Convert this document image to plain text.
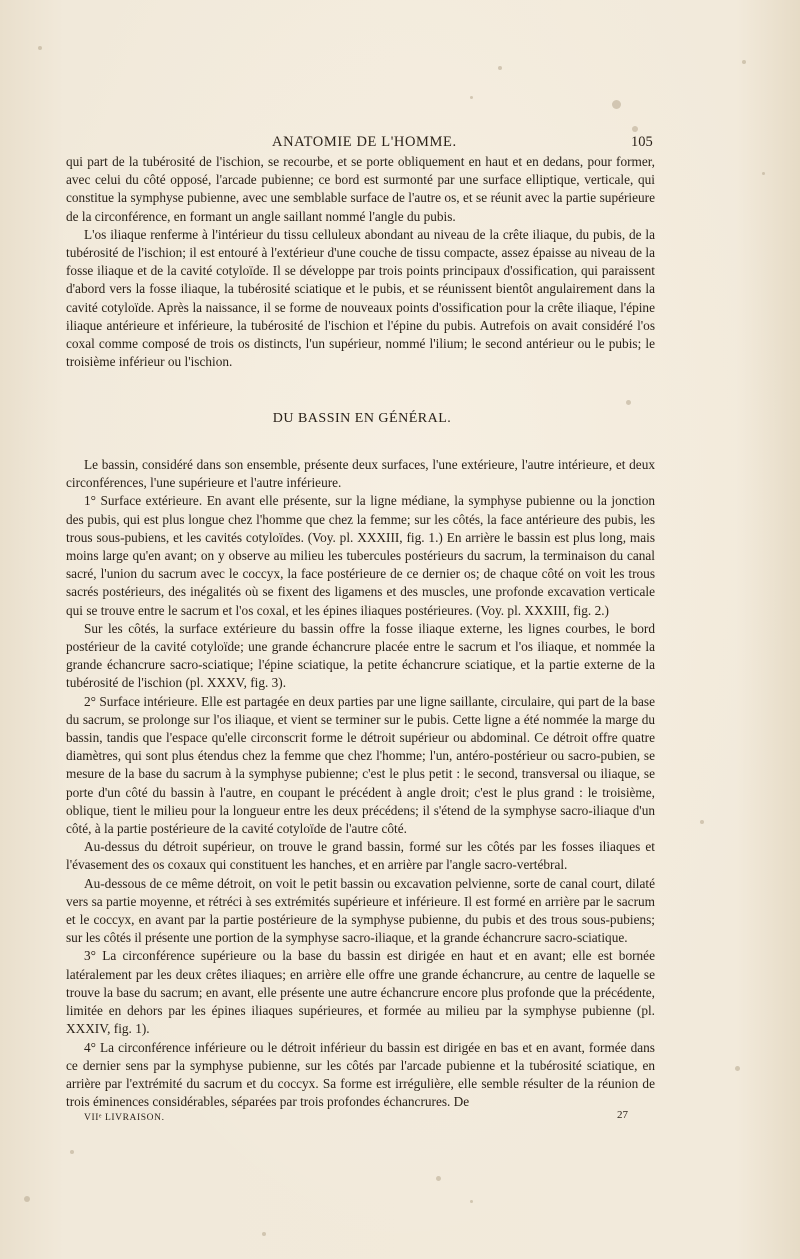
ANATOMIE DE L'HOMME.	105

qui part de la tubérosité de l'ischion, se recourbe, et se porte obliquement en haut et en dedans, pour former, avec celui du côté opposé, l'arcade pubienne; ce bord est surmonté par une surface elliptique, verticale, qui constitue la symphyse pubienne, avec une semblable surface de l'autre os, et se réunit avec la partie supérieure de la circonférence, en formant un angle saillant nommé l'angle du pubis.

L'os iliaque renferme à l'intérieur du tissu celluleux abondant au niveau de la crête iliaque, du pubis, de la tubérosité de l'ischion; il est entouré à l'extérieur d'une couche de tissu compacte, assez épaisse au niveau de la fosse iliaque et de la cavité cotyloïde. Il se développe par trois points principaux d'ossification, qui paraissent d'abord vers la fosse iliaque, la tubérosité sciatique et le pubis, et se réunissent bientôt angulairement dans la cavité cotyloïde. Après la naissance, il se forme de nouveaux points d'ossification pour la crête iliaque, l'épine iliaque antérieure et inférieure, la tubérosité de l'ischion et l'épine du pubis. Autrefois on avait considéré l'os coxal comme composé de trois os distincts, l'un supérieur, nommé l'ilium; le second antérieur ou le pubis; le troisième inférieur ou l'ischion.

DU BASSIN EN GÉNÉRAL.

Le bassin, considéré dans son ensemble, présente deux surfaces, l'une extérieure, l'autre intérieure, et deux circonférences, l'une supérieure et l'autre inférieure.

1° Surface extérieure. En avant elle présente, sur la ligne médiane, la symphyse pubienne ou la jonction des pubis, qui est plus longue chez l'homme que chez la femme; sur les côtés, la face antérieure des pubis, les trous sous-pubiens, et les cavités cotyloïdes. (Voy. pl. XXXIII, fig. 1.) En arrière le bassin est plus long, mais moins large qu'en avant; on y observe au milieu les tubercules postérieurs du sacrum, la terminaison du canal sacré, l'union du sacrum avec le coccyx, la face postérieure de ce dernier os; de chaque côté on voit les trous sacrés postérieurs, des inégalités où se fixent des ligamens et des muscles, une profonde excavation verticale qui se trouve entre le sacrum et l'os coxal, et les épines iliaques postérieures. (Voy. pl. XXXIII, fig. 2.)

Sur les côtés, la surface extérieure du bassin offre la fosse iliaque externe, les lignes courbes, le bord postérieur de la cavité cotyloïde; une grande échancrure placée entre le sacrum et l'os iliaque, et nommée la grande échancrure sacro-sciatique; l'épine sciatique, la petite échancrure sciatique, et la partie externe de la tubérosité de l'ischion (pl. XXXV, fig. 3).

2° Surface intérieure. Elle est partagée en deux parties par une ligne saillante, circulaire, qui part de la base du sacrum, se prolonge sur l'os iliaque, et vient se terminer sur le pubis. Cette ligne a été nommée la marge du bassin, tandis que l'espace qu'elle circonscrit forme le détroit supérieur ou abdominal. Ce détroit offre quatre diamètres, qui sont plus étendus chez la femme que chez l'homme; l'un, antéro-postérieur ou sacro-pubien, se mesure de la base du sacrum à la symphyse pubienne; c'est le plus petit : le second, transversal ou iliaque, se porte d'un côté du bassin à l'autre, en coupant le précédent à angle droit; c'est le plus grand : le troisième, oblique, tient le milieu pour la longueur entre les deux précédens; il s'étend de la symphyse sacro-iliaque d'un côté, à la partie postérieure de la cavité cotyloïde de l'autre côté.

Au-dessus du détroit supérieur, on trouve le grand bassin, formé sur les côtés par les fosses iliaques et l'évasement des os coxaux qui constituent les hanches, et en arrière par l'angle sacro-vertébral.

Au-dessous de ce même détroit, on voit le petit bassin ou excavation pelvienne, sorte de canal court, dilaté vers sa partie moyenne, et rétréci à ses extrémités supérieure et inférieure. Il est formé en arrière par le sacrum et le coccyx, en avant par la partie postérieure de la symphyse pubienne, du pubis et des trous sous-pubiens; sur les côtés il présente une portion de la symphyse sacro-iliaque, et la grande échancrure sacro-sciatique.

3° La circonférence supérieure ou la base du bassin est dirigée en haut et en avant; elle est bornée latéralement par les deux crêtes iliaques; en arrière elle offre une grande échancrure, au centre de laquelle se trouve la base du sacrum; en avant, elle présente une autre échancrure encore plus profonde que la précédente, limitée en dehors par les épines iliaques supérieures, et formée au milieu par la symphyse pubienne (pl. XXXIV, fig. 1).

4° La circonférence inférieure ou le détroit inférieur du bassin est dirigée en bas et en avant, formée dans ce dernier sens par la symphyse pubienne, sur les côtés par l'arcade pubienne et la tubérosité sciatique, en arrière par l'extrémité du sacrum et du coccyx. Sa forme est irrégulière, elle semble résulter de la réunion de trois éminences considérables, séparées par trois profondes échancrures. De

VIIᵉ LIVRAISON.	27
